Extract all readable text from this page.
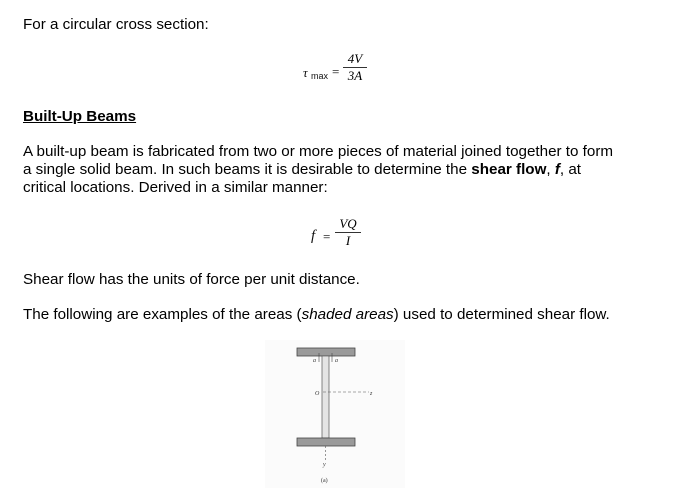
For a circular cross section:

τ max =
4V
3A

Built-Up Beams

A built-up beam is fabricated from two or more pieces of material joined together to form

a single solid beam. In such beams it is desirable to determine the shear flow, f, at

critical locations. Derived in a similar manner:

f =
VQ
I

Shear flow has the units of force per unit distance.

The following are examples of the areas (shaded areas) used to determined shear flow.

a	a
O	z
y
(a)
